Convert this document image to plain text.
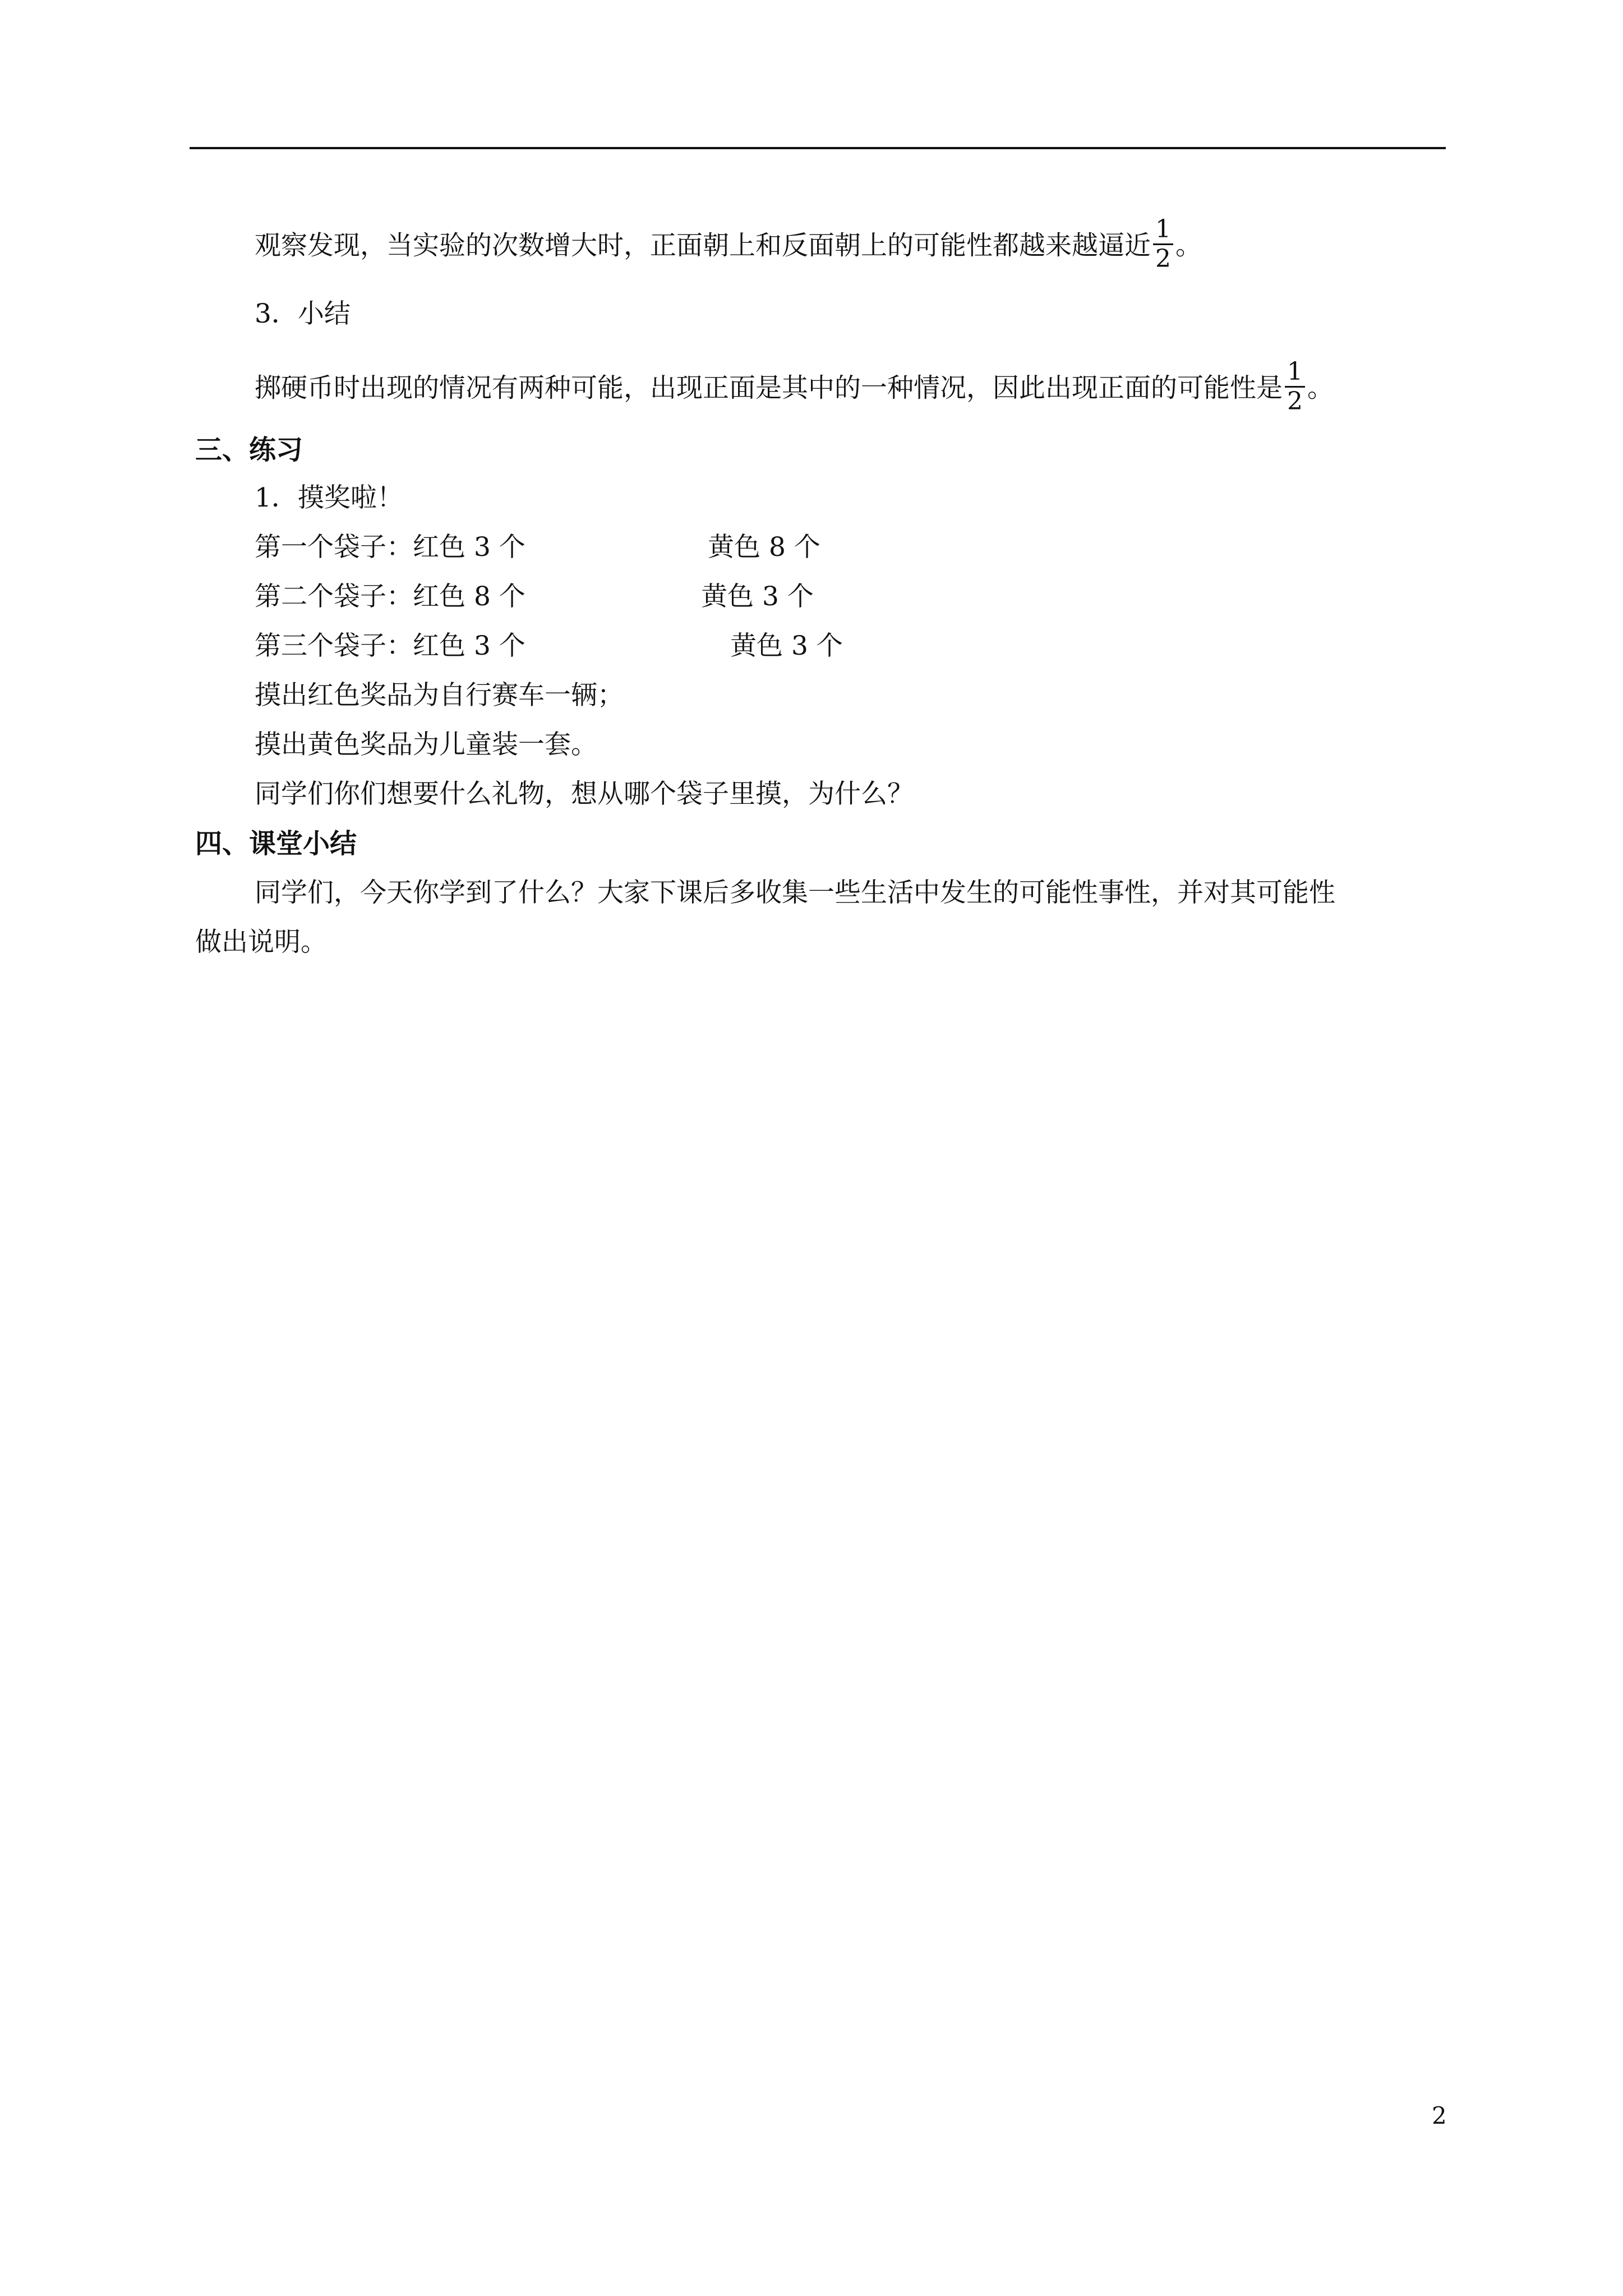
观察发现，当实验的次数增大时，正面朝上和反面朝上的可能性都越来越逼近 $\frac{1}{2}$ 。
3．小结
掷硬币时出现的情况有两种可能，出现正面是其中的一种情况，因此出现正面的可能性是 $\frac{1}{2}$ 。
三、练习
1．摸奖啦！
第一个袋子：红色 3 个	黄色 8 个
第二个袋子：红色 8 个	黄色 3 个
第三个袋子：红色 3 个	黄色 3 个
摸出红色奖品为自行赛车一辆；
摸出黄色奖品为儿童装一套。
同学们你们想要什么礼物，想从哪个袋子里摸，为什么？
四、课堂小结
同学们，今天你学到了什么？大家下课后多收集一些生活中发生的可能性事性，并对其可能性
做出说明。
2
